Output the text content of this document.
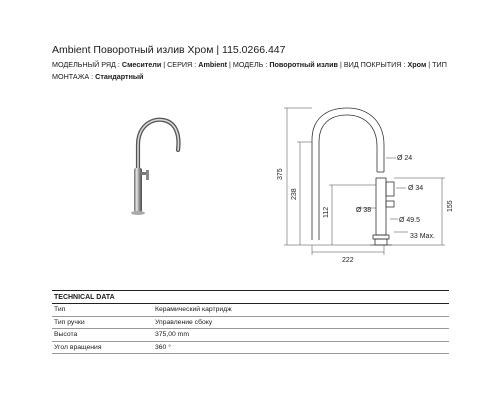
Ambient Поворотный излив Хром | 115.0266.447
МОДЕЛЬНЫЙ РЯД : Смесители | СЕРИЯ : Ambient | МОДЕЛЬ : Поворотный излив | ВИД ПОКРЫТИЯ : Хром | ТИП
МОНТАЖА : Стандартный
375
238
112
155
222
Ø 24
Ø 34
Ø 38
Ø 49.5
33 Max.
TECHNICAL DATA
Тип	Керамический картридж
Тип ручки	Управление сбоку
Высота	375,00 mm
Угол вращения	360 °
